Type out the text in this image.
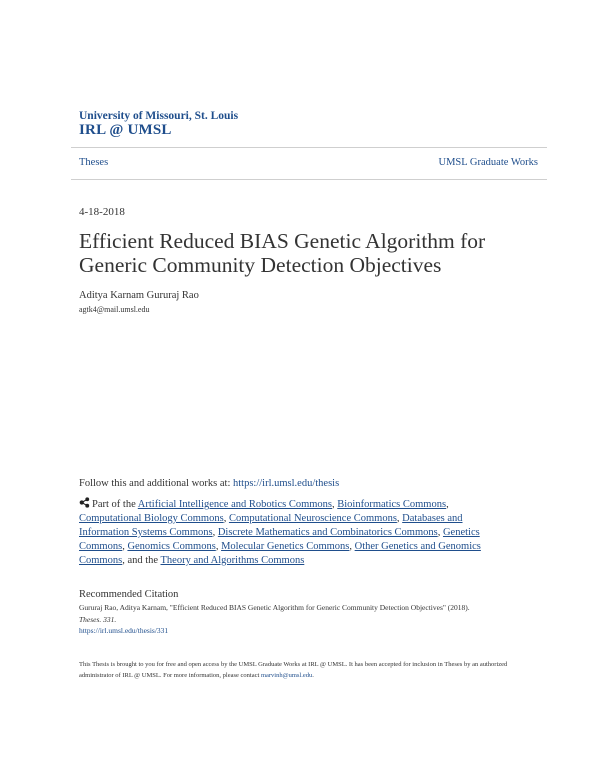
University of Missouri, St. Louis
IRL @ UMSL
Theses	UMSL Graduate Works
4-18-2018
Efficient Reduced BIAS Genetic Algorithm for Generic Community Detection Objectives
Aditya Karnam Gururaj Rao
agtk4@mail.umsl.edu
Follow this and additional works at: https://irl.umsl.edu/thesis
Part of the Artificial Intelligence and Robotics Commons, Bioinformatics Commons, Computational Biology Commons, Computational Neuroscience Commons, Databases and Information Systems Commons, Discrete Mathematics and Combinatorics Commons, Genetics Commons, Genomics Commons, Molecular Genetics Commons, Other Genetics and Genomics Commons, and the Theory and Algorithms Commons
Recommended Citation
Gururaj Rao, Aditya Karnam, "Efficient Reduced BIAS Genetic Algorithm for Generic Community Detection Objectives" (2018).
Theses. 331.
https://irl.umsl.edu/thesis/331
This Thesis is brought to you for free and open access by the UMSL Graduate Works at IRL @ UMSL. It has been accepted for inclusion in Theses by an authorized administrator of IRL @ UMSL. For more information, please contact marvinh@umsl.edu.
